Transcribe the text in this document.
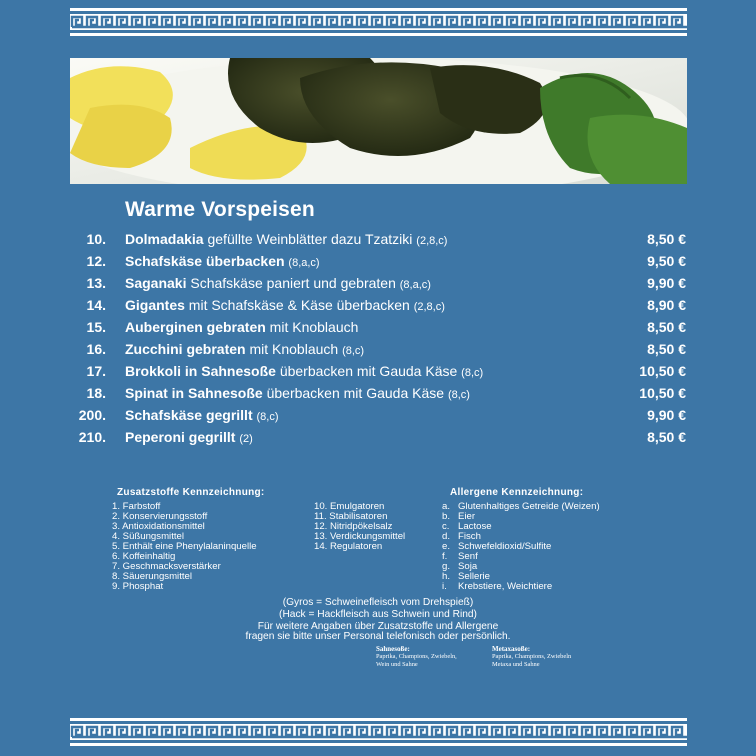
Warme Vorspeisen
10. Dolmadakia gefüllte Weinblätter dazu Tzatziki (2,8,c)	8,50 €
12. Schafskäse überbacken (8,a,c)	9,50 €
13. Saganaki Schafskäse paniert und gebraten (8,a,c)	9,90 €
14. Gigantes mit Schafskäse & Käse überbacken (2,8,c)	8,90 €
15. Auberginen gebraten mit Knoblauch	8,50 €
16. Zucchini gebraten mit Knoblauch (8,c)	8,50 €
17. Brokkoli in Sahnesoße überbacken mit Gauda Käse (8,c)	10,50 €
18. Spinat in Sahnesoße überbacken mit Gauda Käse (8,c)	10,50 €
200. Schafskäse gegrillt (8,c)	9,90 €
210. Peperoni gegrillt (2)	8,50 €
Zusatzstoffe Kennzeichnung:	Allergene Kennzeichnung:
1. Farbstoff
2. Konservierungsstoff
3. Antioxidationsmittel
4. Süßungsmittel
5. Enthält eine Phenylalaninquelle
6. Koffeinhaltig
7. Geschmacksverstärker
8. Säuerungsmittel
9. Phosphat
10. Emulgatoren
11. Stabilisatoren
12. Nitridpökelsalz
13. Verdickungsmittel
14. Regulatoren
a. Glutenhaltiges Getreide (Weizen)
b. Eier
c. Lactose
d. Fisch
e. Schwefeldioxid/Sulfite
f. Senf
g. Soja
h. Sellerie
i. Krebstiere, Weichtiere
(Gyros = Schweinefleisch vom Drehspieß)
(Hack = Hackfleisch aus Schwein und Rind)
Für weitere Angaben über Zusatzstoffe und Allergene
fragen sie bitte unser Personal telefonisch oder persönlich.
Sahnesoße:
Paprika, Champions, Zwiebeln,
Wein und Sahne
Metaxasoße:
Paprika, Champions, Zwiebeln
Metaxa und Sahne
